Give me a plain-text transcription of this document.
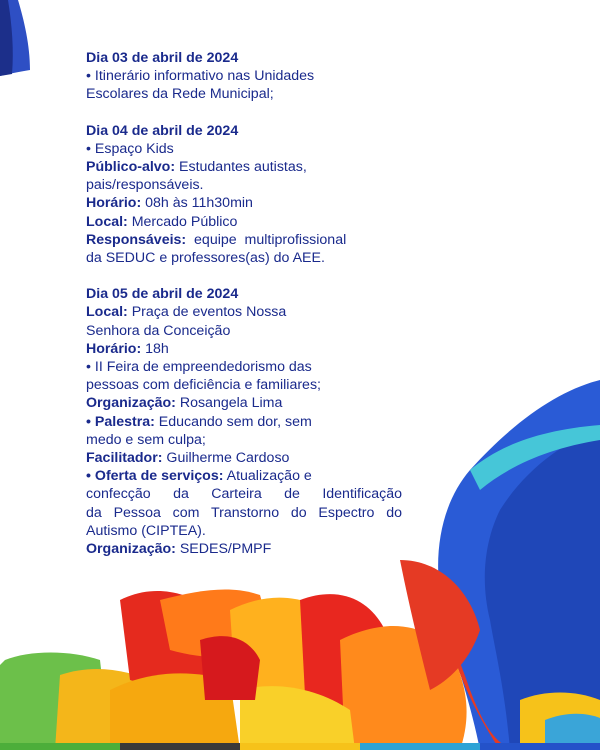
Dia 03 de abril de 2024
• Itinerário informativo nas Unidades
Escolares da Rede Municipal;
Dia 04 de abril de 2024
• Espaço Kids
Público-alvo: Estudantes autistas,
pais/responsáveis.
Horário: 08h às 11h30min
Local: Mercado Público
Responsáveis:  equipe  multiprofissional
da SEDUC e professores(as) do AEE.
Dia 05 de abril de 2024
Local: Praça de eventos Nossa
Senhora da Conceição
Horário: 18h
• II Feira de empreendedorismo das
pessoas com deficiência e familiares;
Organização: Rosangela Lima
• Palestra: Educando sem dor, sem
medo e sem culpa;
Facilitador: Guilherme Cardoso
• Oferta de serviços: Atualização e
confecção da Carteira de Identificação
da Pessoa com Transtorno do Espectro do
Autismo (CIPTEA).
Organização: SEDES/PMPF
